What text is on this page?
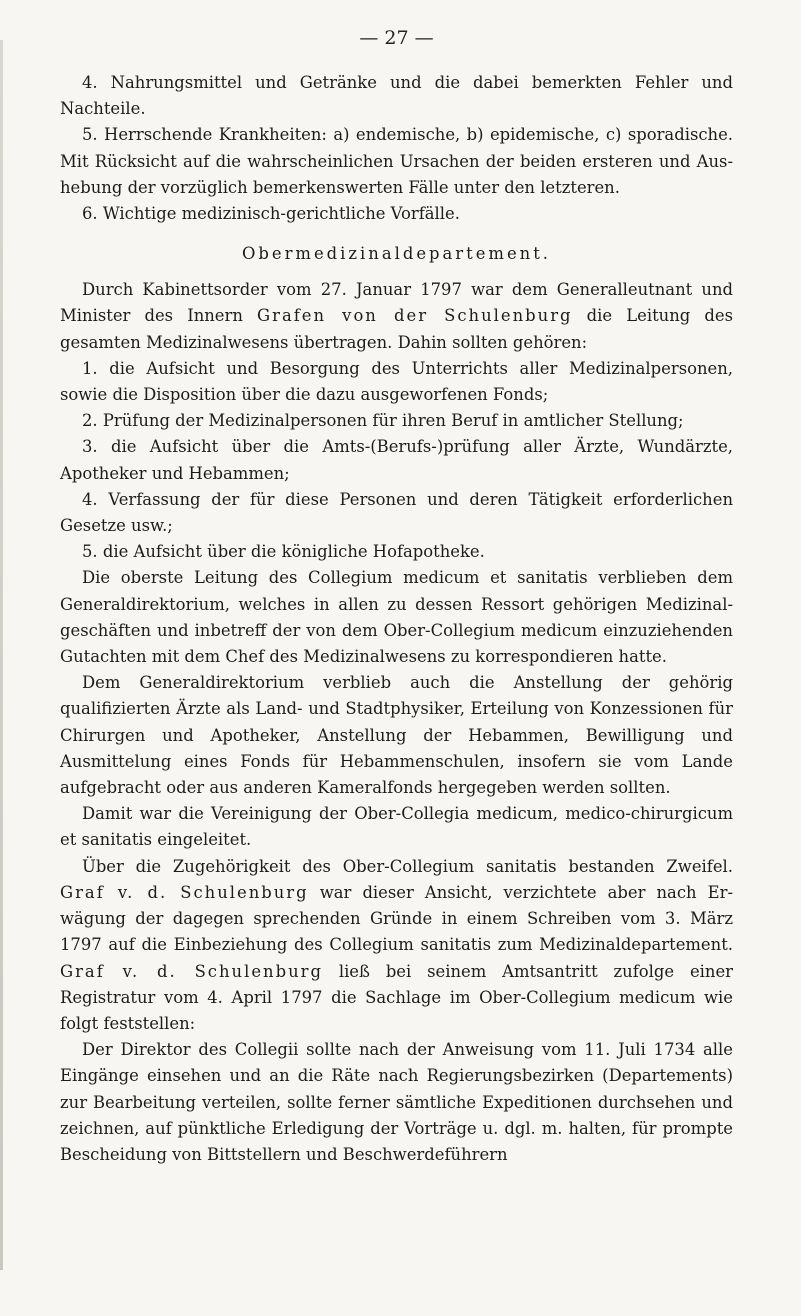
— 27 —

4. Nahrungsmittel und Getränke und die dabei bemerkten Fehler und Nachteile.

5. Herrschende Krankheiten: a) endemische, b) epidemische, c) sporadische. Mit Rücksicht auf die wahrscheinlichen Ursachen der beiden ersteren und Aushebung der vorzüglich bemerkenswerten Fälle unter den letzteren.

6. Wichtige medizinisch-gerichtliche Vorfälle.

Obermedizinaldepartement.

Durch Kabinettsorder vom 27. Januar 1797 war dem Generalleutnant und Minister des Innern Grafen von der Schulenburg die Leitung des gesamten Medizinalwesens übertragen. Dahin sollten gehören:

1. die Aufsicht und Besorgung des Unterrichts aller Medizinalpersonen, sowie die Disposition über die dazu ausgeworfenen Fonds;

2. Prüfung der Medizinalpersonen für ihren Beruf in amtlicher Stellung;

3. die Aufsicht über die Amts-(Berufs-)prüfung aller Ärzte, Wundärzte, Apotheker und Hebammen;

4. Verfassung der für diese Personen und deren Tätigkeit erforderlichen Gesetze usw.;

5. die Aufsicht über die königliche Hofapotheke.

Die oberste Leitung des Collegium medicum et sanitatis verblieben dem Generaldirektorium, welches in allen zu dessen Ressort gehörigen Medizinalgeschäften und inbetreff der von dem Ober-Collegium medicum einzuziehenden Gutachten mit dem Chef des Medizinalwesens zu korrespondieren hatte.

Dem Generaldirektorium verblieb auch die Anstellung der gehörig qualifizierten Ärzte als Land- und Stadtphysiker, Erteilung von Konzessionen für Chirurgen und Apotheker, Anstellung der Hebammen, Bewilligung und Ausmittelung eines Fonds für Hebammenschulen, insofern sie vom Lande aufgebracht oder aus anderen Kameralfonds hergegeben werden sollten.

Damit war die Vereinigung der Ober-Collegia medicum, medico-chirurgicum et sanitatis eingeleitet.

Über die Zugehörigkeit des Ober-Collegium sanitatis bestanden Zweifel. Graf v. d. Schulenburg war dieser Ansicht, verzichtete aber nach Erwägung der dagegen sprechenden Gründe in einem Schreiben vom 3. März 1797 auf die Einbeziehung des Collegium sanitatis zum Medizinaldepartement. Graf v. d. Schulenburg ließ bei seinem Amtsantritt zufolge einer Registratur vom 4. April 1797 die Sachlage im Ober-Collegium medicum wie folgt feststellen:

Der Direktor des Collegii sollte nach der Anweisung vom 11. Juli 1734 alle Eingänge einsehen und an die Räte nach Regierungsbezirken (Departements) zur Bearbeitung verteilen, sollte ferner sämtliche Expeditionen durchsehen und zeichnen, auf pünktliche Erledigung der Vorträge u. dgl. m. halten, für prompte Bescheidung von Bittstellern und Beschwerdeführern
